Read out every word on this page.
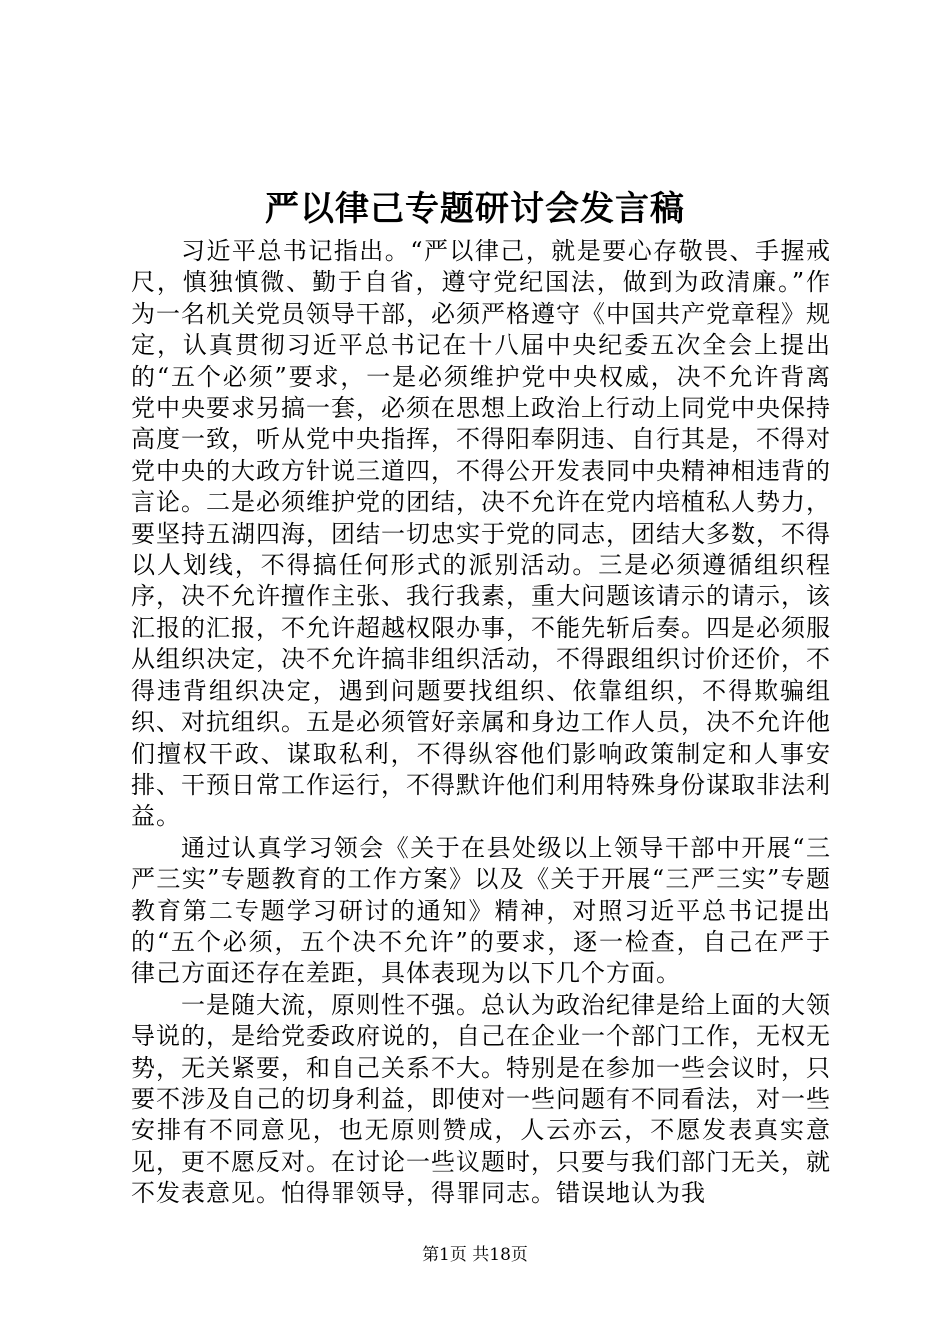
严以律己专题研讨会发言稿

习近平总书记指出。“严以律己，就是要心存敬畏、手握戒尺，慎独慎微、勤于自省，遵守党纪国法，做到为政清廉。”作为一名机关党员领导干部，必须严格遵守《中国共产党章程》规定，认真贯彻习近平总书记在十八届中央纪委五次全会上提出的“五个必须”要求，一是必须维护党中央权威，决不允许背离党中央要求另搞一套，必须在思想上政治上行动上同党中央保持高度一致，听从党中央指挥，不得阳奉阴违、自行其是，不得对党中央的大政方针说三道四，不得公开发表同中央精神相违背的言论。二是必须维护党的团结，决不允许在党内培植私人势力，要坚持五湖四海，团结一切忠实于党的同志，团结大多数，不得以人划线，不得搞任何形式的派别活动。三是必须遵循组织程序，决不允许擅作主张、我行我素，重大问题该请示的请示，该汇报的汇报，不允许超越权限办事，不能先斩后奏。四是必须服从组织决定，决不允许搞非组织活动，不得跟组织讨价还价，不得违背组织决定，遇到问题要找组织、依靠组织，不得欺骗组织、对抗组织。五是必须管好亲属和身边工作人员，决不允许他们擅权干政、谋取私利，不得纵容他们影响政策制定和人事安排、干预日常工作运行，不得默许他们利用特殊身份谋取非法利益。

通过认真学习领会《关于在县处级以上领导干部中开展“三严三实”专题教育的工作方案》以及《关于开展“三严三实”专题教育第二专题学习研讨的通知》精神，对照习近平总书记提出的“五个必须，五个决不允许”的要求，逐一检查，自己在严于律己方面还存在差距，具体表现为以下几个方面。

一是随大流，原则性不强。总认为政治纪律是给上面的大领导说的，是给党委政府说的，自己在企业一个部门工作，无权无势，无关紧要，和自己关系不大。特别是在参加一些会议时，只要不涉及自己的切身利益，即使对一些问题有不同看法，对一些安排有不同意见，也无原则赞成，人云亦云，不愿发表真实意见，更不愿反对。在讨论一些议题时，只要与我们部门无关，就不发表意见。怕得罪领导，得罪同志。错误地认为我

第1页 共18页
